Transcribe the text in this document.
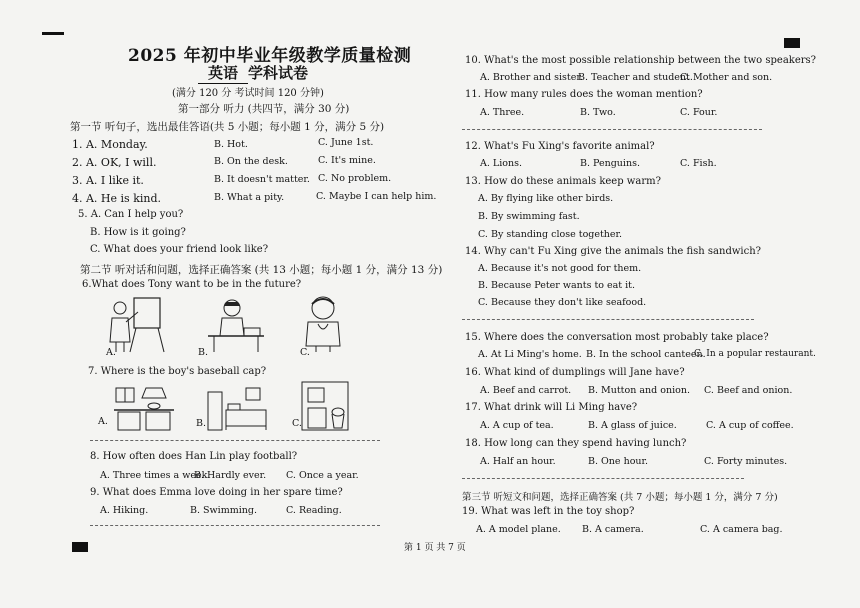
2025 年初中毕业年级教学质量检测
英语 学科试卷
(满分 120 分 考试时间 120 分钟)
第一部分 听力 (共四节，满分 30 分)
第一节 听句子，选出最佳答语(共 5 小题；每小题 1 分，满分 5 分)
1. A. Monday.	B. Hot.	C. June 1st.
2. A. OK, I will.	B. On the desk.	C. It's mine.
3. A. I like it.	B. It doesn't matter. C. No problem.
4. A. He is kind.	B. What a pity.	C. Maybe I can help him.
5. A. Can I help you?
B. How is it going?
C. What does your friend look like?
第二节 听对话和问题，选择正确答案 (共 13 小题；每小题 1 分，满分 13 分)
6.What does Tony want to be in the future?
A.	B.	C.
7. Where is the boy's baseball cap?
A.	B.	C.
8. How often does Han Lin play football?
A. Three times a week.
B. Hardly ever. C. Once a year.
9. What does Emma love doing in her spare time?
A. Hiking.	B. Swimming.	C. Reading.
10. What's the most possible relationship between the two speakers?
A. Brother and sister.
B. Teacher and student.
C. Mother and son.
11. How many rules does the woman mention?
A. Three.	B. Two.	C. Four.
12. What's Fu Xing's favorite animal?
A. Lions.	B. Penguins.	C. Fish.
13. How do these animals keep warm?
A. By flying like other birds.
B. By swimming fast.
C. By standing close together.
14. Why can't Fu Xing give the animals the fish sandwich?
A. Because it's not good for them.
B. Because Peter wants to eat it.
C. Because they don't like seafood.
15. Where does the conversation most probably take place?
A. At Li Ming's home. B. In the school canteen.
C. In a popular restaurant.
16. What kind of dumplings will Jane have?
A. Beef and carrot. B. Mutton and onion. C. Beef and onion.
17. What drink will Li Ming have?
A. A cup of tea.	B. A glass of juice.	C. A cup of coffee.
18. How long can they spend having lunch?
A. Half an hour.	B. One hour.	C. Forty minutes.
第三节 听短文和问题，选择正确答案 (共 7 小题；每小题 1 分，满分 7 分)
19. What was left in the toy shop?
A. A model plane. B. A camera.	C. A camera bag.
第 1 页 共 7 页
